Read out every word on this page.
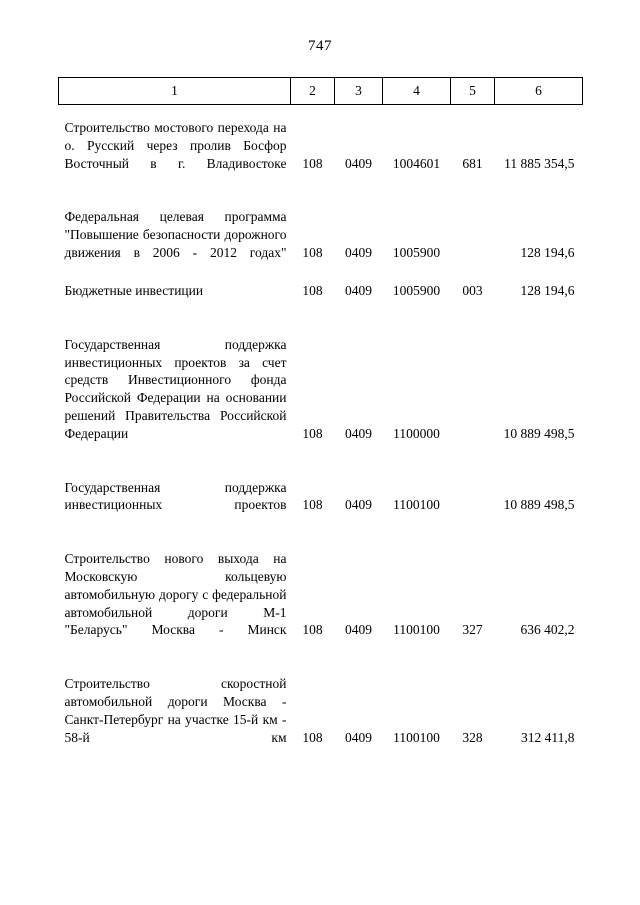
747
1	2	3	4	5	6
Строительство мостового перехода на о. Русский через пролив Босфор Восточный в г. Владивостоке	108	0409	1004601	681	11 885 354,5

Федеральная целевая программа "Повышение безопасности дорожного движения в 2006 - 2012 годах"	108	0409	1005900		128 194,6

Бюджетные инвестиции	108	0409	1005900	003	128 194,6

Государственная поддержка инвестиционных проектов за счет средств Инвестиционного фонда Российской Федерации на основании решений Правительства Российской Федерации	108	0409	1100000		10 889 498,5

Государственная поддержка инвестиционных проектов	108	0409	1100100		10 889 498,5

Строительство нового выхода на Московскую кольцевую автомобильную дорогу с федеральной автомобильной дороги М-1 "Беларусь" Москва - Минск	108	0409	1100100	327	636 402,2

Строительство скоростной автомобильной дороги Москва - Санкт-Петербург на участке 15-й км - 58-й км	108	0409	1100100	328	312 411,8
